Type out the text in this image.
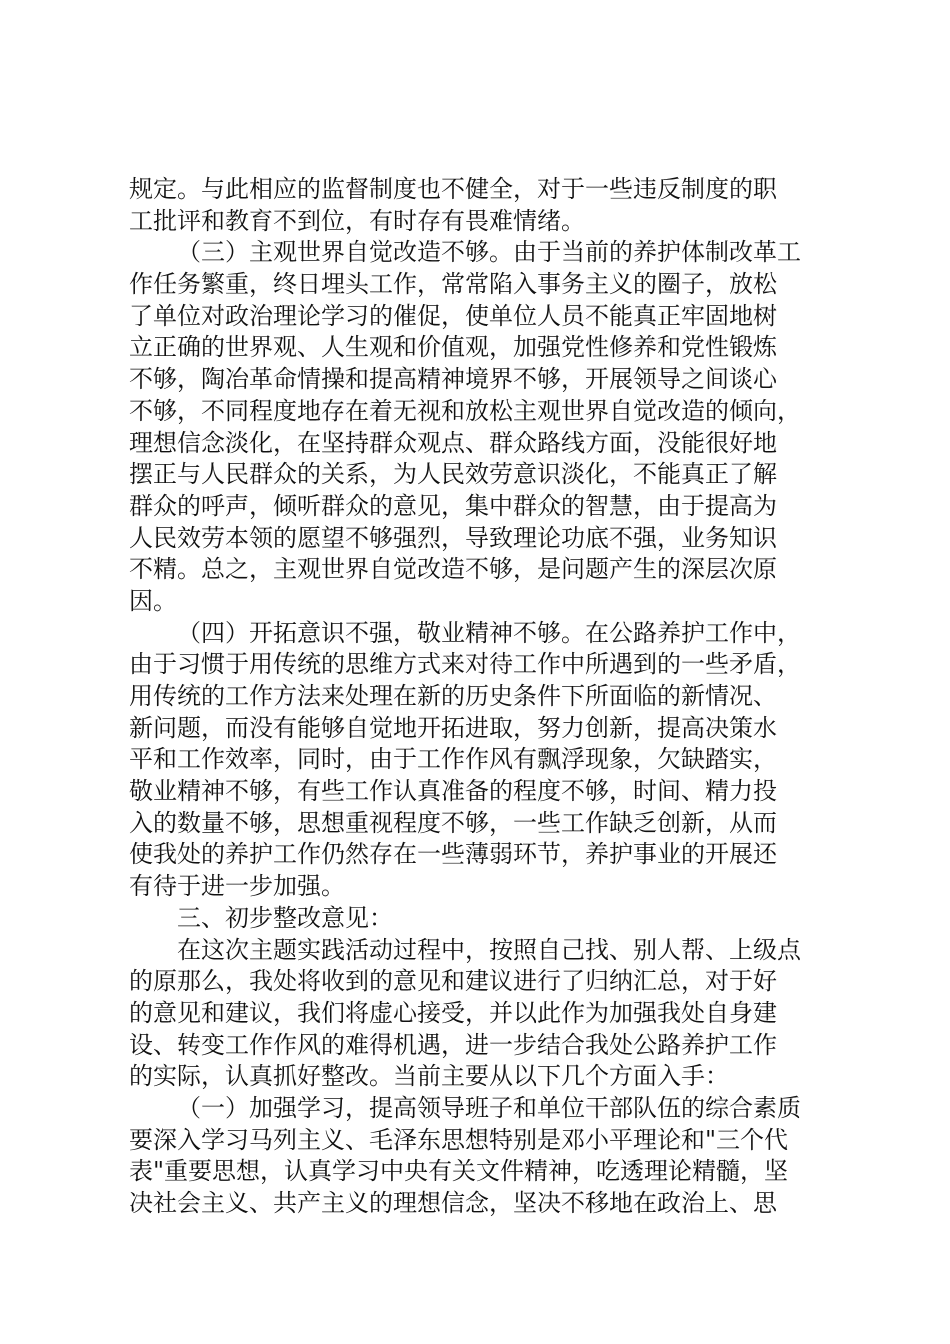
规定。与此相应的监督制度也不健全，对于一些违反制度的职
工批评和教育不到位，有时存有畏难情绪。
（三）主观世界自觉改造不够。由于当前的养护体制改革工
作任务繁重，终日埋头工作，常常陷入事务主义的圈子，放松
了单位对政治理论学习的催促，使单位人员不能真正牢固地树
立正确的世界观、人生观和价值观，加强党性修养和党性锻炼
不够，陶冶革命情操和提高精神境界不够，开展领导之间谈心
不够，不同程度地存在着无视和放松主观世界自觉改造的倾向，
理想信念淡化，在坚持群众观点、群众路线方面，没能很好地
摆正与人民群众的关系，为人民效劳意识淡化，不能真正了解
群众的呼声，倾听群众的意见，集中群众的智慧，由于提高为
人民效劳本领的愿望不够强烈，导致理论功底不强，业务知识
不精。总之，主观世界自觉改造不够，是问题产生的深层次原
因。
（四）开拓意识不强，敬业精神不够。在公路养护工作中，
由于习惯于用传统的思维方式来对待工作中所遇到的一些矛盾，
用传统的工作方法来处理在新的历史条件下所面临的新情况、
新问题，而没有能够自觉地开拓进取，努力创新，提高决策水
平和工作效率，同时，由于工作作风有飘浮现象，欠缺踏实，
敬业精神不够，有些工作认真准备的程度不够，时间、精力投
入的数量不够，思想重视程度不够，一些工作缺乏创新，从而
使我处的养护工作仍然存在一些薄弱环节，养护事业的开展还
有待于进一步加强。
三、初步整改意见：
在这次主题实践活动过程中，按照自己找、别人帮、上级点
的原那么，我处将收到的意见和建议进行了归纳汇总，对于好
的意见和建议，我们将虚心接受，并以此作为加强我处自身建
设、转变工作作风的难得机遇，进一步结合我处公路养护工作
的实际，认真抓好整改。当前主要从以下几个方面入手：
（一）加强学习，提高领导班子和单位干部队伍的综合素质
要深入学习马列主义、毛泽东思想特别是邓小平理论和"三个代
表"重要思想，认真学习中央有关文件精神，吃透理论精髓，坚
决社会主义、共产主义的理想信念，坚决不移地在政治上、思
